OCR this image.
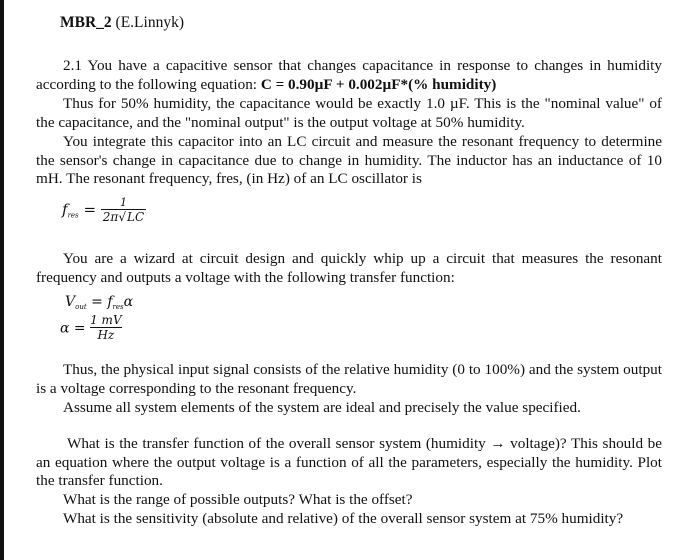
MBR_2 (E.Linnyk)
2.1 You have a capacitive sensor that changes capacitance in response to changes in humidity according to the following equation: C = 0.90µF + 0.002µF*(% humidity)
Thus for 50% humidity, the capacitance would be exactly 1.0 µF. This is the "nominal value" of the capacitance, and the "nominal output" is the output voltage at 50% humidity.
You integrate this capacitor into an LC circuit and measure the resonant frequency to determine the sensor's change in capacitance due to change in humidity. The inductor has an inductance of 10 mH. The resonant frequency, fres, (in Hz) of an LC oscillator is
$f_{res} = \frac{1}{2\pi√LC}$
You are a wizard at circuit design and quickly whip up a circuit that measures the resonant frequency and outputs a voltage with the following transfer function:
$V_{out} = f_{res}\alpha$
$\alpha = \frac{1 mV}{Hz}$
Thus, the physical input signal consists of the relative humidity (0 to 100%) and the system output is a voltage corresponding to the resonant frequency.
Assume all system elements of the system are ideal and precisely the value specified.
What is the transfer function of the overall sensor system (humidity → voltage)? This should be an equation where the output voltage is a function of all the parameters, especially the humidity. Plot the transfer function.
What is the range of possible outputs? What is the offset?
What is the sensitivity (absolute and relative) of the overall sensor system at 75% humidity?
